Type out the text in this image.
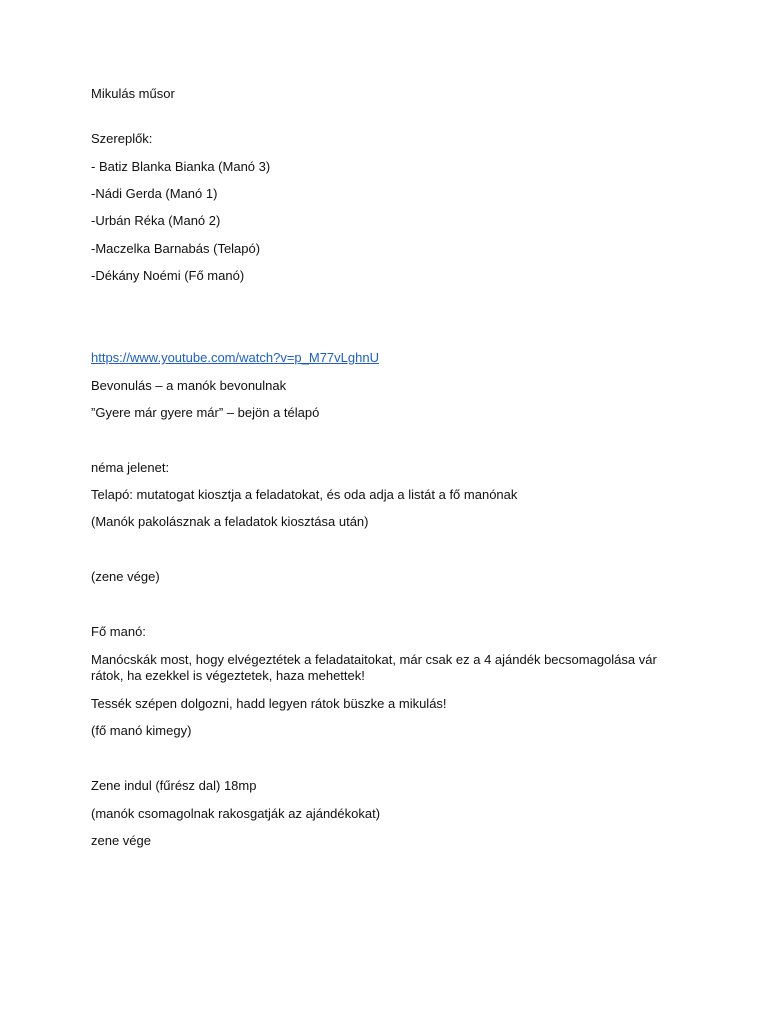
Mikulás műsor
Szereplők:
- Batiz Blanka Bianka (Manó 3)
-Nádi Gerda (Manó 1)
-Urbán Réka (Manó 2)
-Maczelka Barnabás (Telapó)
-Dékány Noémi (Fő manó)
https://www.youtube.com/watch?v=p_M77vLghnU
Bevonulás – a manók bevonulnak
”Gyere már gyere már” – bejön a télapó
néma jelenet:
Telapó: mutatogat kiosztja a feladatokat, és oda adja a listát a fő manónak
(Manók pakolásznak a feladatok kiosztása után)
(zene vége)
Fő manó:
Manócskák most, hogy elvégeztétek a feladataitokat, már csak ez a 4 ajándék becsomagolása vár rátok, ha ezekkel is végeztetek, haza mehettek!
Tessék szépen dolgozni, hadd legyen rátok büszke a mikulás!
(fő manó kimegy)
Zene indul (fűrész dal) 18mp
(manók csomagolnak rakosgatják az ajándékokat)
zene vége
